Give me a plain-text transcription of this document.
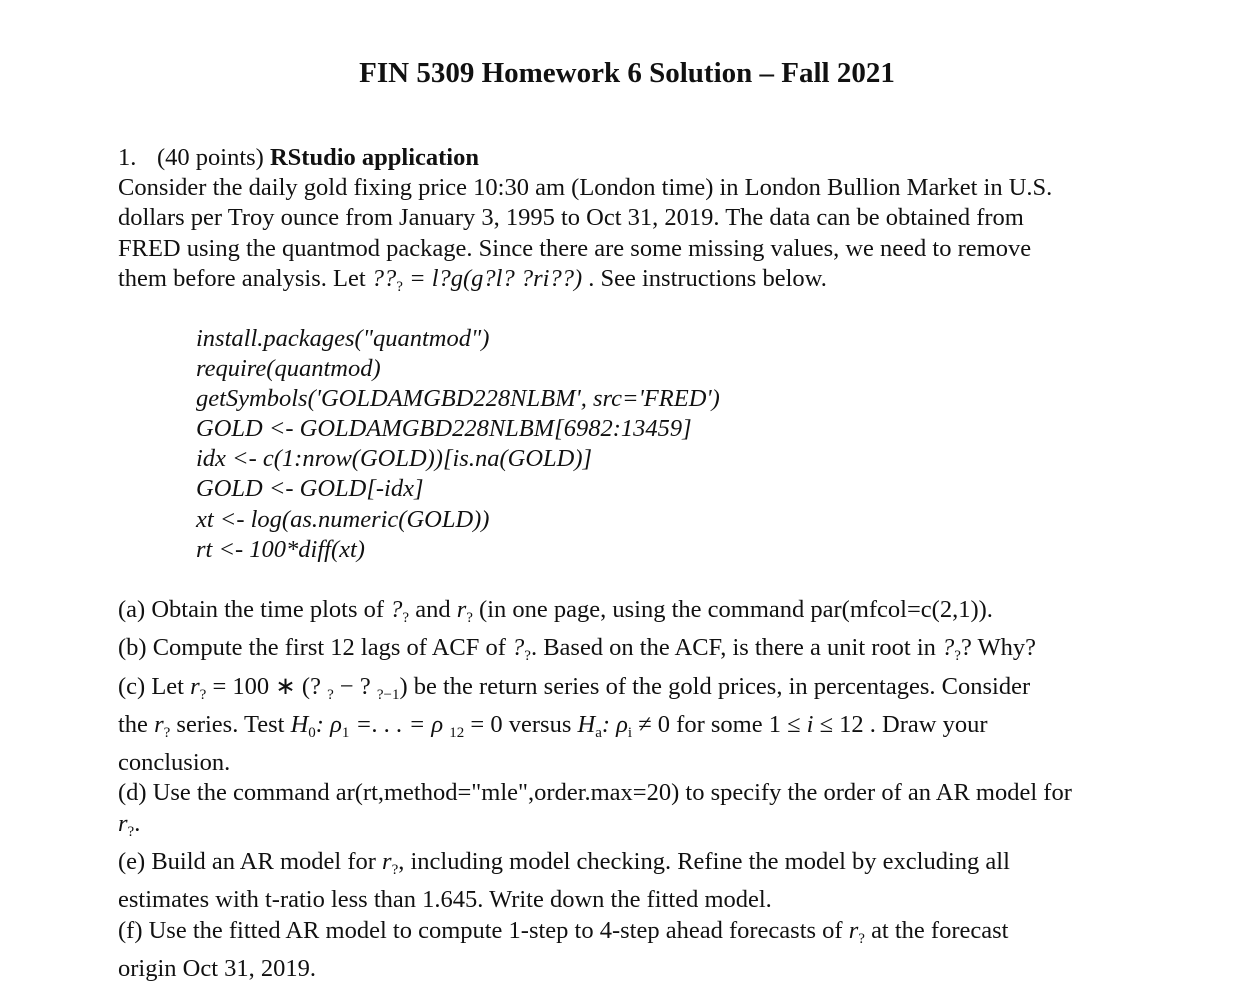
FIN 5309 Homework 6 Solution – Fall 2021
1. (40 points) RStudio application
Consider the daily gold fixing price 10:30 am (London time) in London Bullion Market in U.S.
dollars per Troy ounce from January 3, 1995 to Oct 31, 2019. The data can be obtained from
FRED using the quantmod package. Since there are some missing values, we need to remove
them before analysis. Let $??_?$ = l?g(g?l? ?ri??) . See instructions below.
install.packages("quantmod")
require(quantmod)
getSymbols('GOLDAMGBD228NLBM', src='FRED')
GOLD <- GOLDAMGBD228NLBM[6982:13459]
idx <- c(1:nrow(GOLD))[is.na(GOLD)]
GOLD <- GOLD[-idx]
xt <- log(as.numeric(GOLD))
rt <- 100*diff(xt)
(a) Obtain the time plots of $?_?$ and $r_?$ (in one page, using the command par(mfcol=c(2,1)).
(b) Compute the first 12 lags of ACF of $?_?$. Based on the ACF, is there a unit root in $?_?$? Why?
(c) Let $r_? = 100$ ∗ (? $_?$ − ? $_{?-1}$) be the return series of the gold prices, in percentages. Consider
the $r_?$ series. Test $H_0$: $\rho_1$ =. . . = ρ $_{12}$ = 0 versus $H_a$: $\rho_i \ne 0$ for some 1 ≤ i ≤ 12 . Draw your
conclusion.
(d) Use the command ar(rt,method="mle",order.max=20) to specify the order of an AR model for
$r_?$.
(e) Build an AR model for $r_?$, including model checking. Refine the model by excluding all
estimates with t-ratio less than 1.645. Write down the fitted model.
(f) Use the fitted AR model to compute 1-step to 4-step ahead forecasts of $r_?$ at the forecast
origin Oct 31, 2019.
